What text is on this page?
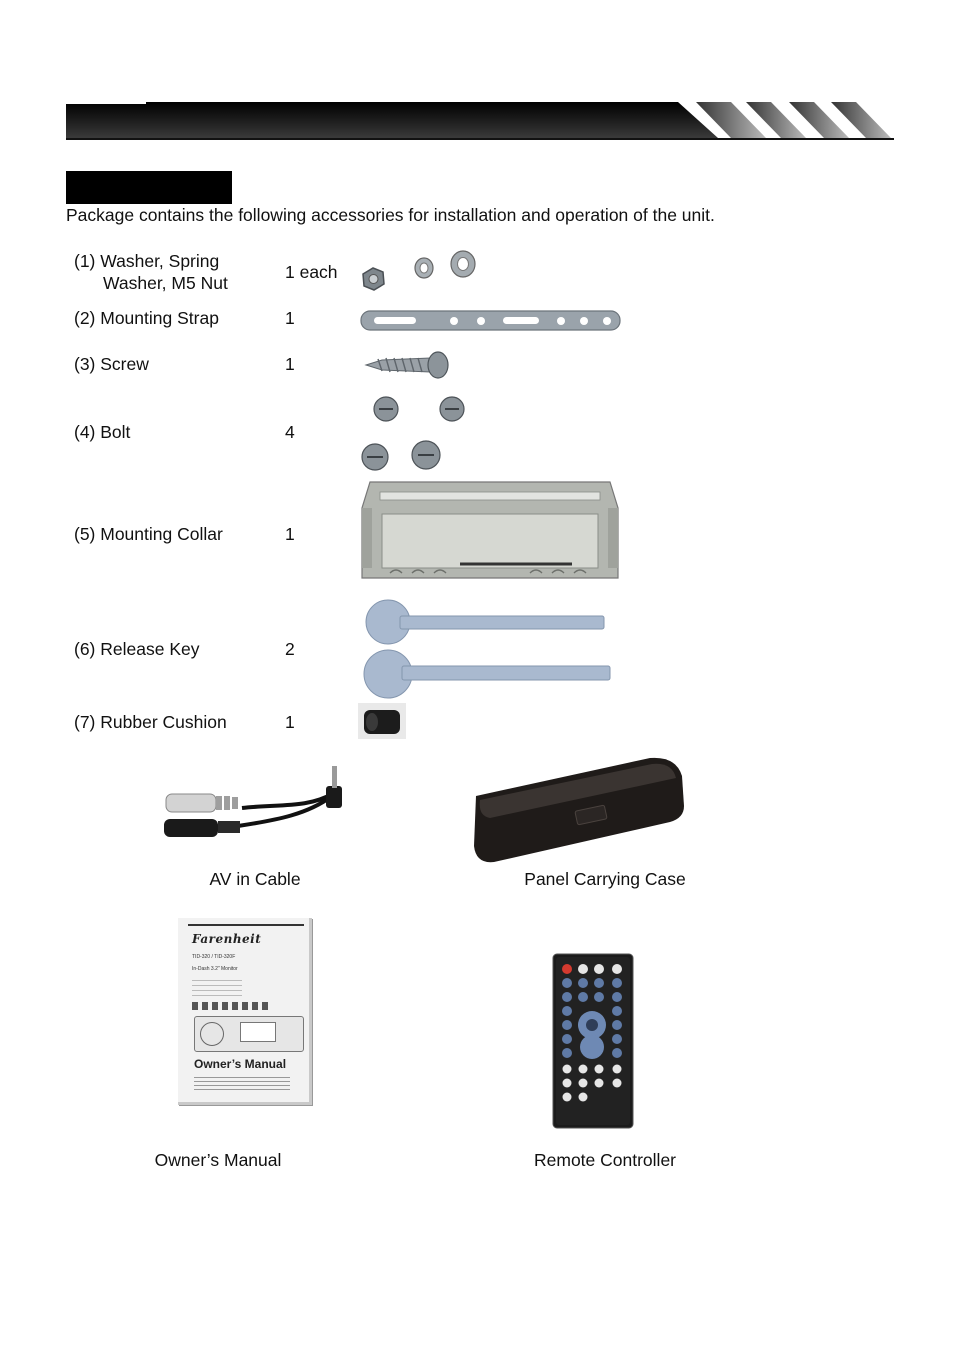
Package contains the following accessories for installation and operation of the unit.
(1) Washer, Spring
Washer, M5 Nut
1 each
(2) Mounting Strap	1
(3) Screw	1
(4) Bolt	4
(5) Mounting Collar	1
(6) Release Key	2
(7) Rubber Cushion	1
AV in Cable	Panel Carrying Case
Farenheit
TID-320 / TID-320F
In-Dash 3.2" Monitor
Owner’s Manual
Owner’s Manual	Remote Controller
